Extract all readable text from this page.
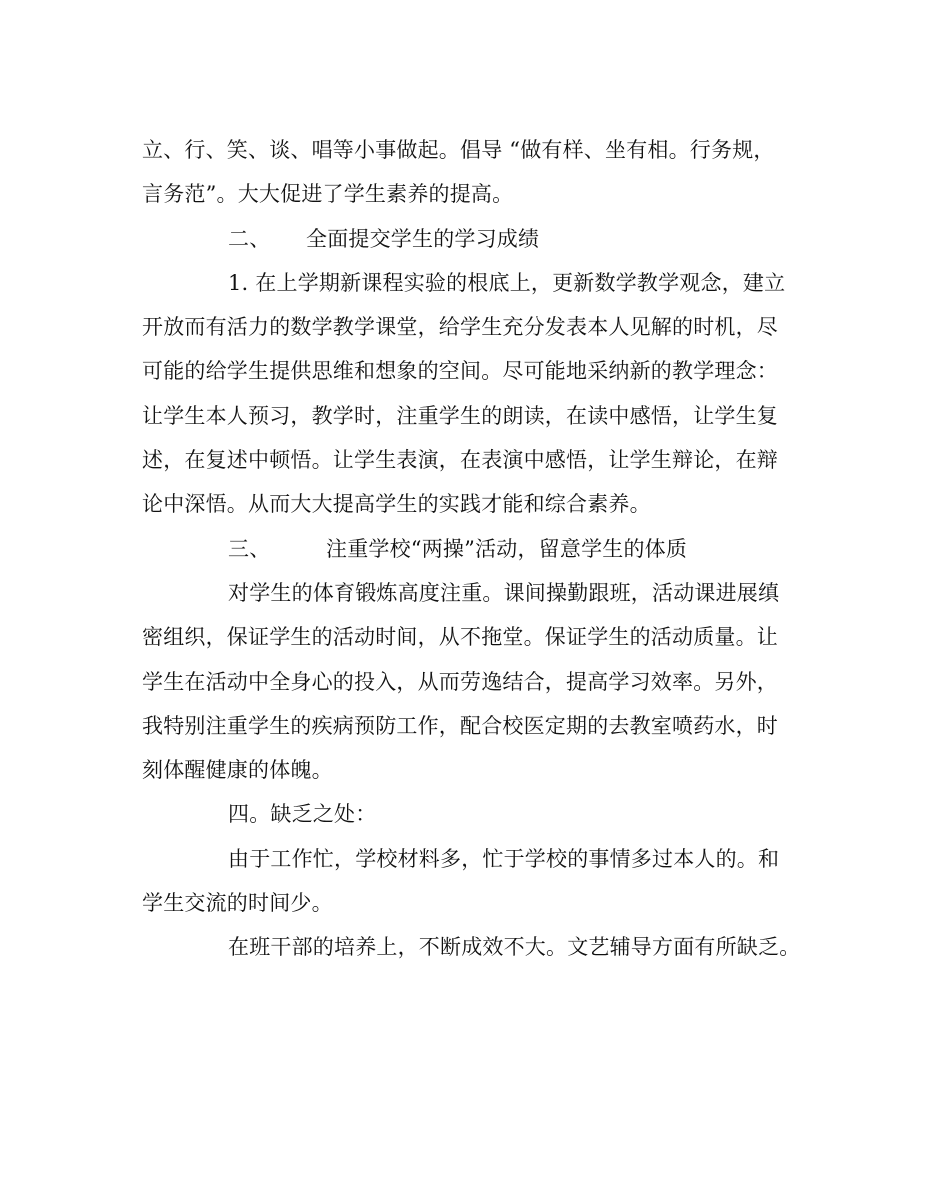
立、行、笑、谈、唱等小事做起。倡导 “做有样、坐有相。行务规，
言务范”。大大促进了学生素养的提高。
二、 全面提交学生的学习成绩
1. 在上学期新课程实验的根底上，更新数学教学观念，建立
开放而有活力的数学教学课堂，给学生充分发表本人见解的时机，尽
可能的给学生提供思维和想象的空间。尽可能地采纳新的教学理念：
让学生本人预习，教学时，注重学生的朗读，在读中感悟，让学生复
述，在复述中顿悟。让学生表演，在表演中感悟，让学生辩论，在辩
论中深悟。从而大大提高学生的实践才能和综合素养。
三、	注重学校“两操”活动，留意学生的体质
对学生的体育锻炼高度注重。课间操勤跟班，活动课进展缜
密组织，保证学生的活动时间，从不拖堂。保证学生的活动质量。让
学生在活动中全身心的投入，从而劳逸结合，提高学习效率。另外，
我特别注重学生的疾病预防工作，配合校医定期的去教室喷药水，时
刻体醒健康的体魄。
四。缺乏之处：
由于工作忙，学校材料多，忙于学校的事情多过本人的。和
学生交流的时间少。
在班干部的培养上，不断成效不大。文艺辅导方面有所缺乏。
